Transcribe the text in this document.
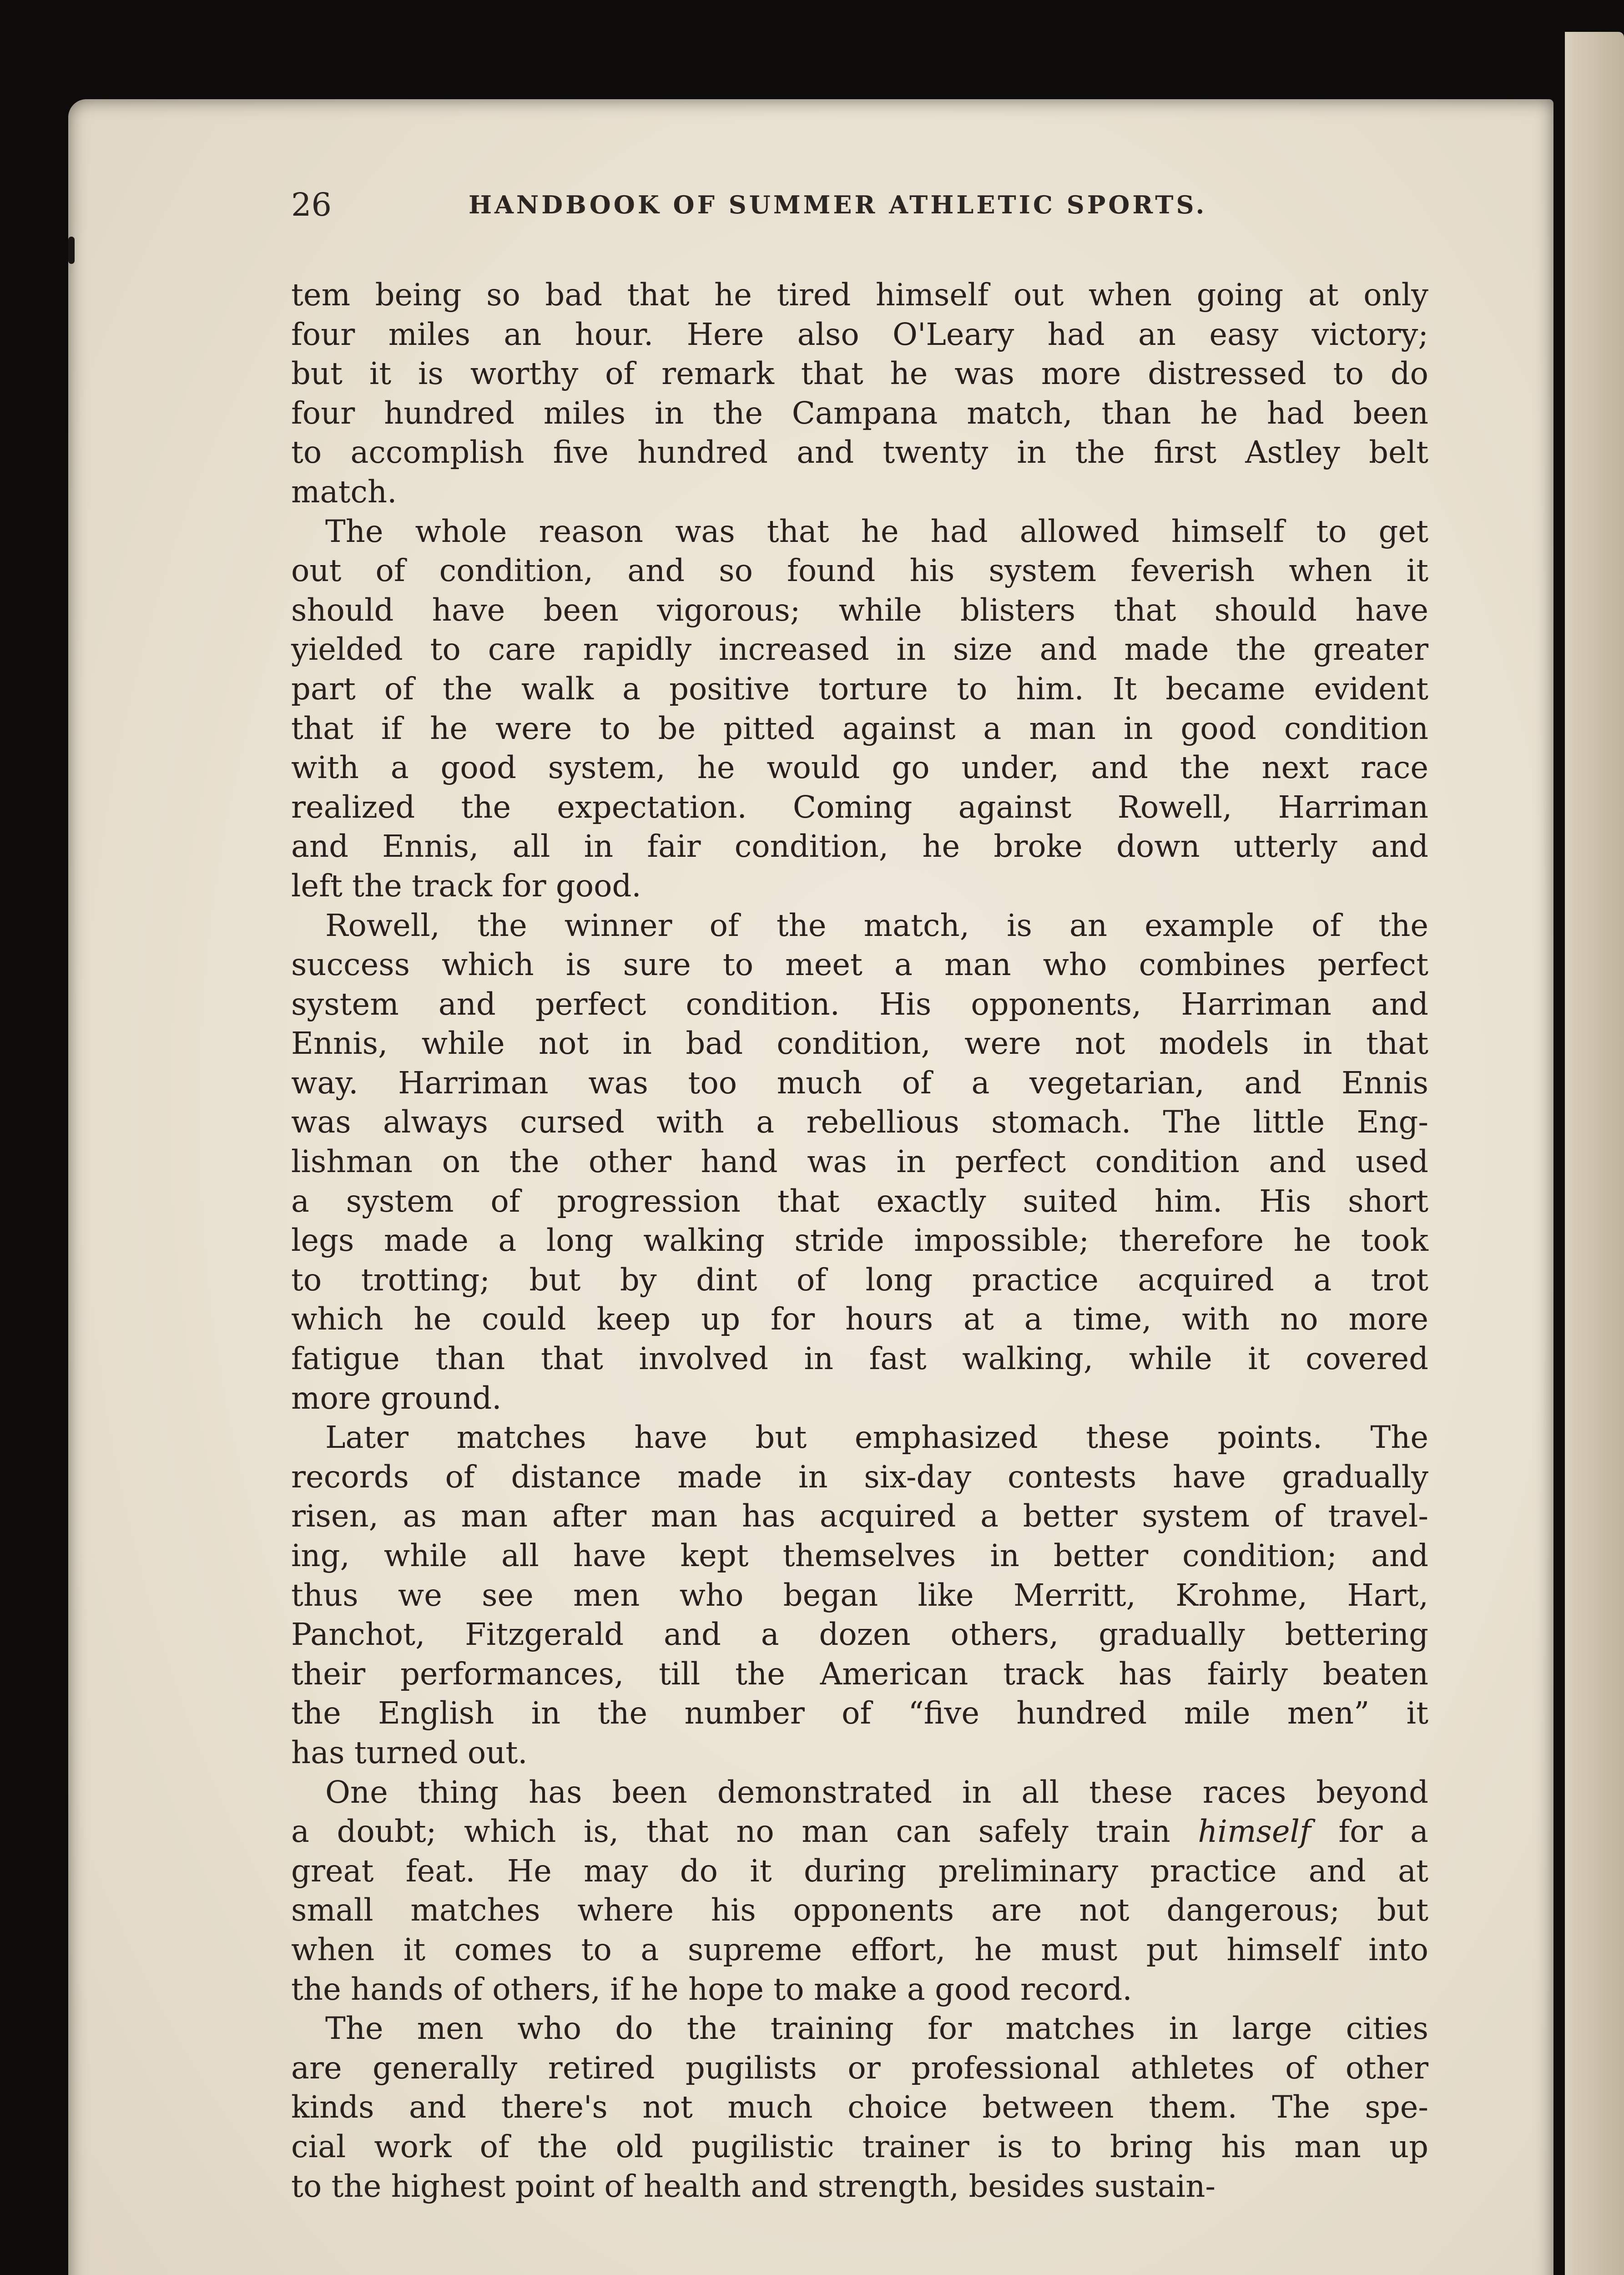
26	HANDBOOK OF SUMMER ATHLETIC SPORTS.

tem being so bad that he tired himself out when going at only
four miles an hour. Here also O'Leary had an easy victory;
but it is worthy of remark that he was more distressed to do
four hundred miles in the Campana match, than he had been
to accomplish five hundred and twenty in the first Astley belt
match.

The whole reason was that he had allowed himself to get
out of condition, and so found his system feverish when it
should have been vigorous; while blisters that should have
yielded to care rapidly increased in size and made the greater
part of the walk a positive torture to him. It became evident
that if he were to be pitted against a man in good condition
with a good system, he would go under, and the next race
realized the expectation. Coming against Rowell, Harriman
and Ennis, all in fair condition, he broke down utterly and
left the track for good.

Rowell, the winner of the match, is an example of the
success which is sure to meet a man who combines perfect
system and perfect condition. His opponents, Harriman and
Ennis, while not in bad condition, were not models in that
way. Harriman was too much of a vegetarian, and Ennis
was always cursed with a rebellious stomach. The little Eng-
lishman on the other hand was in perfect condition and used
a system of progression that exactly suited him. His short
legs made a long walking stride impossible; therefore he took
to trotting; but by dint of long practice acquired a trot
which he could keep up for hours at a time, with no more
fatigue than that involved in fast walking, while it covered
more ground.

Later matches have but emphasized these points. The
records of distance made in six-day contests have gradually
risen, as man after man has acquired a better system of travel-
ing, while all have kept themselves in better condition; and
thus we see men who began like Merritt, Krohme, Hart,
Panchot, Fitzgerald and a dozen others, gradually bettering
their performances, till the American track has fairly beaten
the English in the number of “five hundred mile men” it
has turned out.

One thing has been demonstrated in all these races beyond
a doubt; which is, that no man can safely train himself for a
great feat. He may do it during preliminary practice and at
small matches where his opponents are not dangerous; but
when it comes to a supreme effort, he must put himself into
the hands of others, if he hope to make a good record.

The men who do the training for matches in large cities
are generally retired pugilists or professional athletes of other
kinds and there's not much choice between them. The spe-
cial work of the old pugilistic trainer is to bring his man up
to the highest point of health and strength, besides sustain-
